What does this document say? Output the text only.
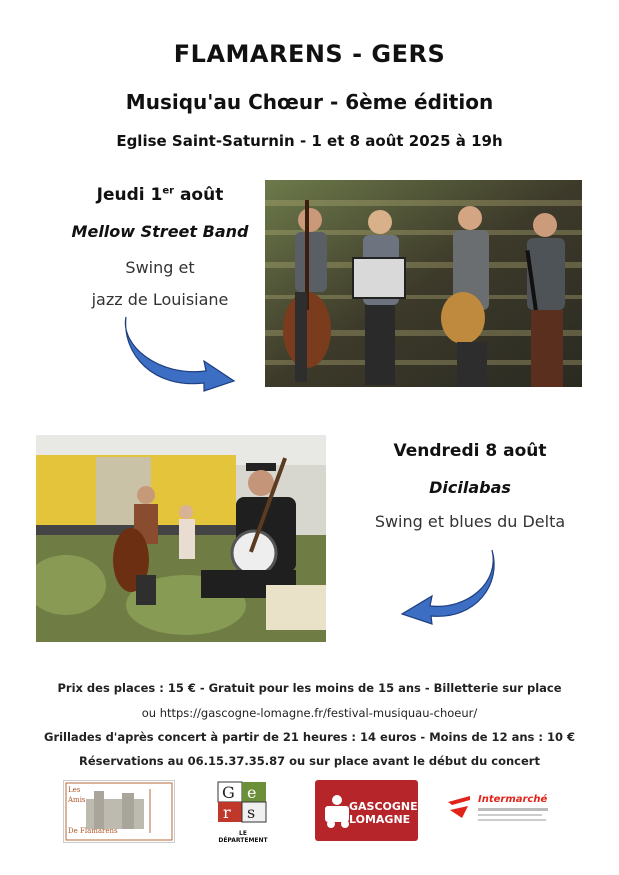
FLAMARENS - GERS
Musiqu'au Chœur - 6ème édition
Eglise Saint-Saturnin - 1 et 8 août 2025 à 19h
Jeudi 1er août
Mellow Street Band
Swing et
jazz de Louisiane
Vendredi 8 août
Dicilabas
Swing et blues du Delta
Prix des places : 15 € - Gratuit pour les moins de 15 ans - Billetterie sur place
ou https://gascogne-lomagne.fr/festival-musiquau-choeur/
Grillades d'après concert à partir de 21 heures : 14 euros - Moins de 12 ans : 10 €
Réservations au 06.15.37.35.87 ou sur place avant le début du concert
Les
Amis
De Flamarens
G e
r s
LE DÉPARTEMENT
GASCOGNE
LOMAGNE
Intermarché
